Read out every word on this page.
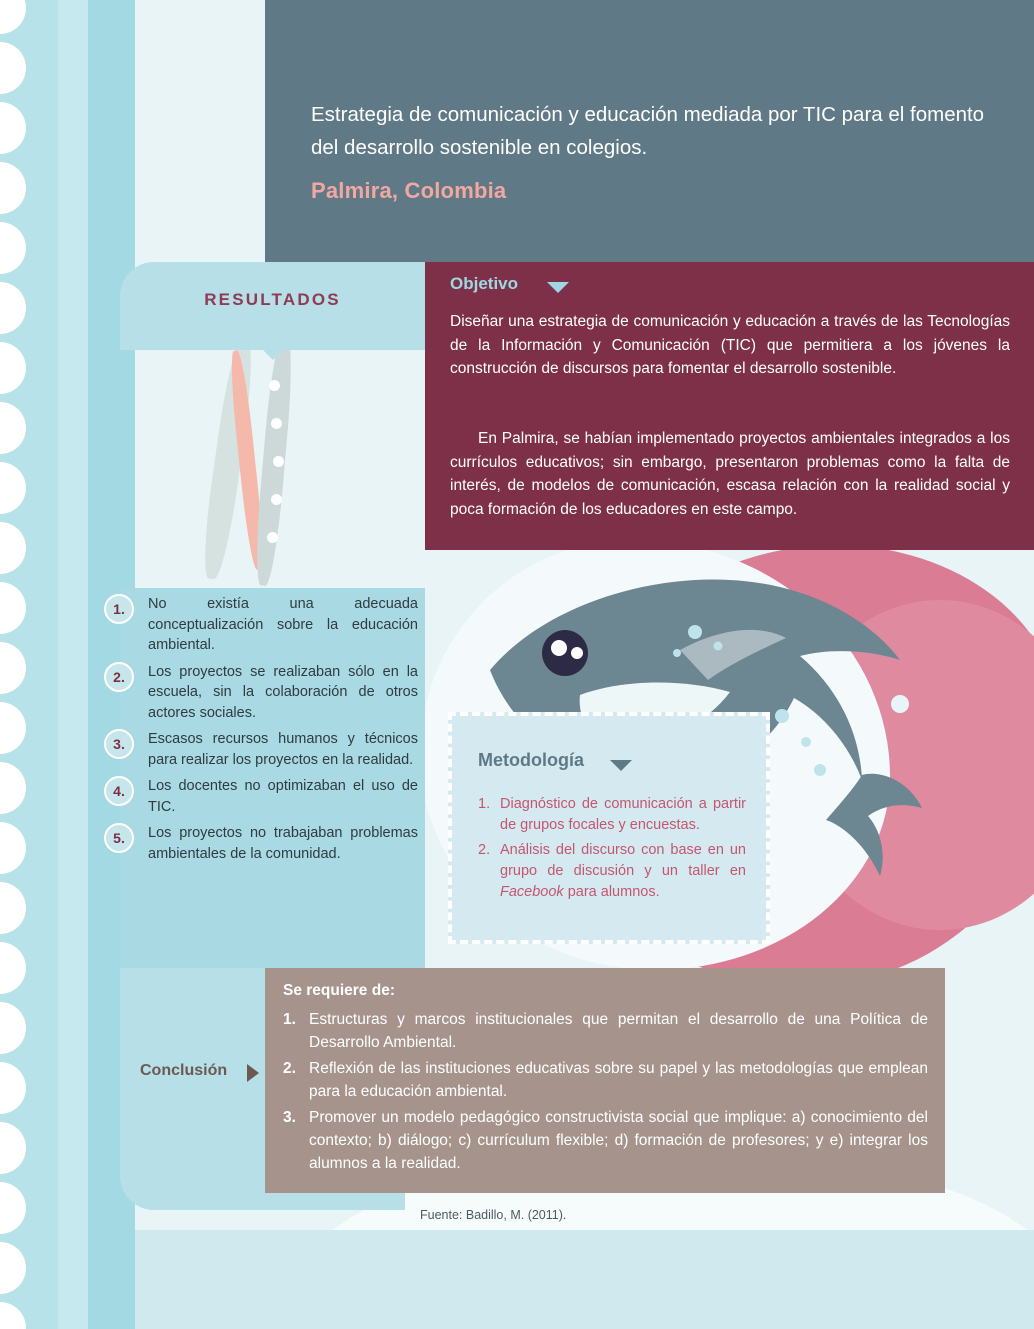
Estrategia de comunicación y educación mediada por TIC para el fomento del desarrollo sostenible en colegios.
Palmira, Colombia
RESULTADOS
1.	No existía una adecuada conceptualización sobre la educación ambiental.
2.	Los proyectos se realizaban sólo en la escuela, sin la colaboración de otros actores sociales.
3.	Escasos recursos humanos y técnicos para realizar los proyectos en la realidad.
4.	Los docentes no optimizaban el uso de TIC.
5.	Los proyectos no trabajaban problemas ambientales de la comunidad.
Objetivo
Diseñar una estrategia de comunicación y educación a través de las Tecnologías de la Información y Comunicación (TIC) que permitiera a los jóvenes la construcción de discursos para fomentar el desarrollo sostenible.
En Palmira, se habían implementado proyectos ambientales integrados a los currículos educativos; sin embargo, presentaron problemas como la falta de interés, de modelos de comunicación, escasa relación con la realidad social y poca formación de los educadores en este campo.
Metodología
1. Diagnóstico de comunicación a partir de grupos focales y encuestas.
2. Análisis del discurso con base en un grupo de discusión y un taller en Facebook para alumnos.
Se requiere de:
1. Estructuras y marcos institucionales que permitan el desarrollo de una Política de Desarrollo Ambiental.
2. Reflexión de las instituciones educativas sobre su papel y las metodologías que emplean para la educación ambiental.
3. Promover un modelo pedagógico constructivista social que implique: a) conocimiento del contexto; b) diálogo; c) currículum flexible; d) formación de profesores; y e) integrar los alumnos a la realidad.
Conclusión
Fuente: Badillo, M. (2011).
